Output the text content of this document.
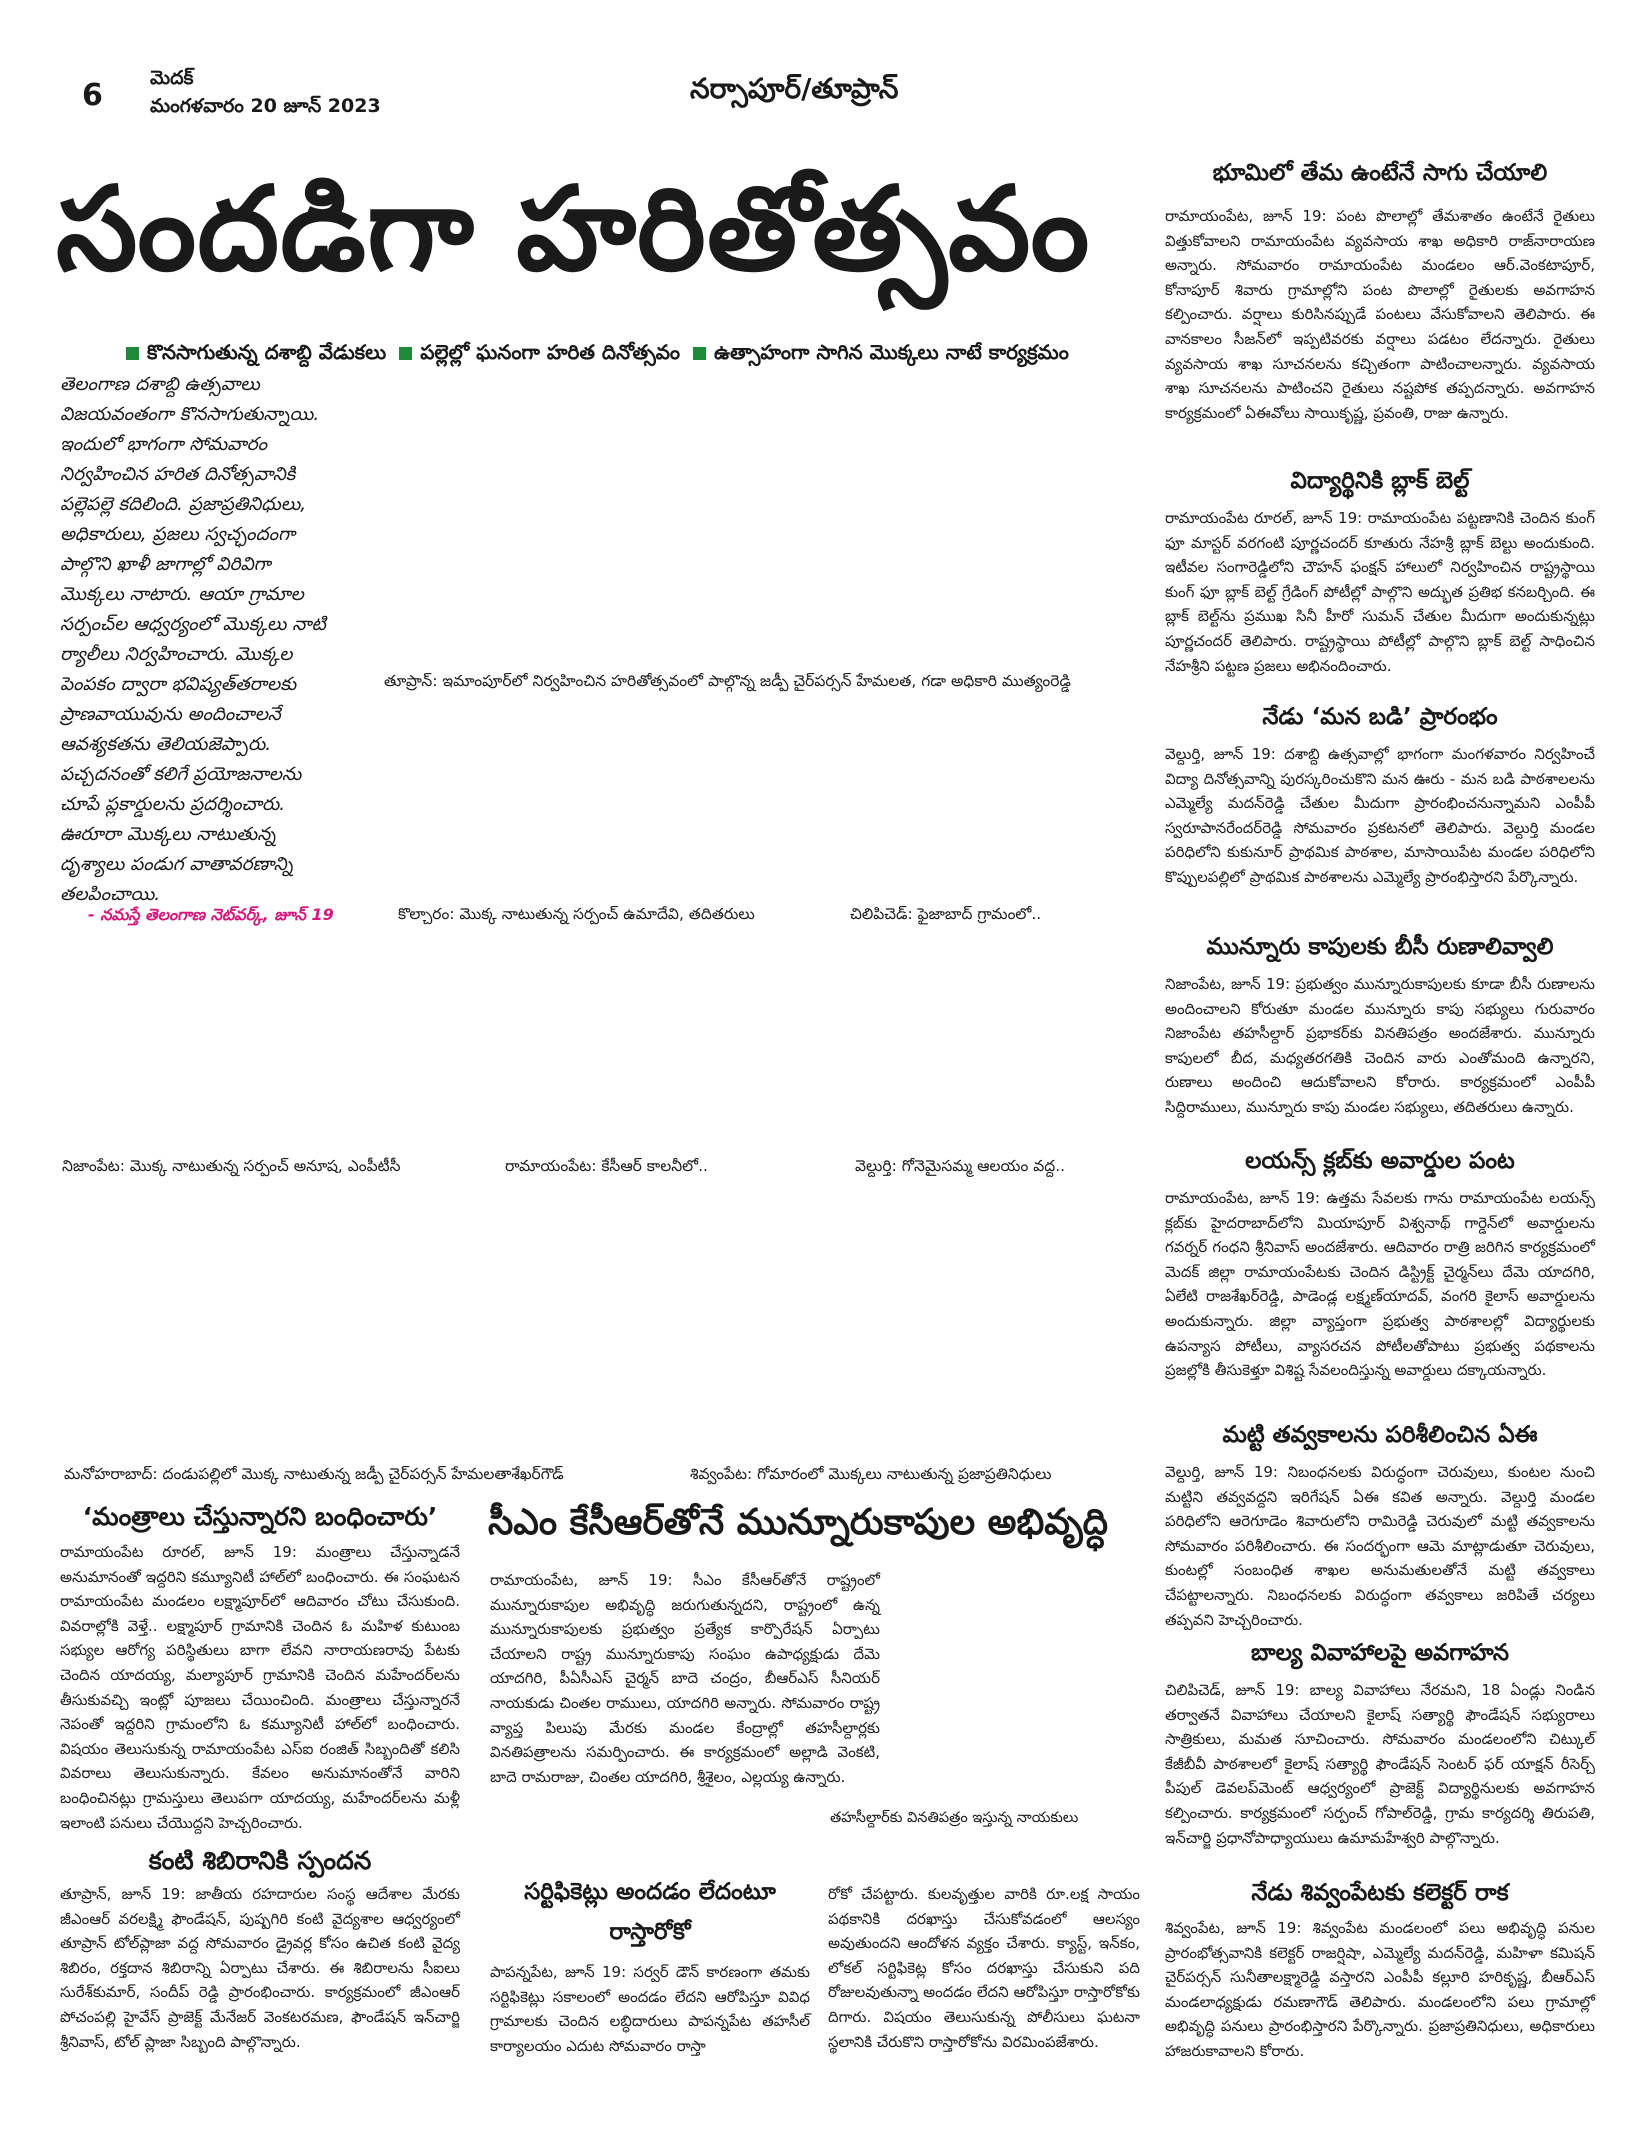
6 మెదక్
మంగళవారం 20 జూన్ 2023
నర్సాపూర్/తూప్రాన్
సందడిగా హరితోత్సవం
కొనసాగుతున్న దశాబ్ది వేడుకలు పల్లెల్లో ఘనంగా హరిత దినోత్సవం ఉత్సాహంగా సాగిన మొక్కలు నాటే కార్యక్రమం
తెలంగాణ దశాబ్ది ఉత్సవాలు
విజయవంతంగా కొనసాగుతున్నాయి.
ఇందులో భాగంగా సోమవారం
నిర్వహించిన హరిత దినోత్సవానికి
పల్లెపల్లె కదిలింది. ప్రజాప్రతినిధులు,
అధికారులు, ప్రజలు స్వచ్ఛందంగా
పాల్గొని ఖాళీ జాగాల్లో విరివిగా
మొక్కలు నాటారు. ఆయా గ్రామాల
సర్పంచ్‌ల ఆధ్వర్యంలో మొక్కలు నాటి
ర్యాలీలు నిర్వహించారు. మొక్కల
పెంపకం ద్వారా భవిష్యత్‌తరాలకు
ప్రాణవాయువును అందించాలనే
ఆవశ్యకతను తెలియజెప్పారు.
పచ్చదనంతో కలిగే ప్రయోజనాలను
చూపే ప్లకార్డులను ప్రదర్శించారు.
ఊరూరా మొక్కలు నాటుతున్న
దృశ్యాలు పండుగ వాతావరణాన్ని
తలపించాయి.
- నమస్తే తెలంగాణ నెట్‌వర్క్, జూన్ 19
తూప్రాన్: ఇమాంపూర్‌లో నిర్వహించిన హరితోత్సవంలో పాల్గొన్న జడ్పీ చైర్‌పర్సన్ హేమలత, గడా అధికారి ముత్యంరెడ్డి
కొల్చారం: మొక్క నాటుతున్న సర్పంచ్ ఉమాదేవి, తదితరులు	చిలిపిచెడ్: ఫైజాబాద్ గ్రామంలో..
నిజాంపేట: మొక్క నాటుతున్న సర్పంచ్ అనూష, ఎంపీటీసీ	రామాయంపేట: కేసీఆర్ కాలనీలో..	వెల్దుర్తి: గోనెమైసమ్మ ఆలయం వద్ద..
మనోహరాబాద్: దండుపల్లిలో మొక్క నాటుతున్న జడ్పీ చైర్‌పర్సన్ హేమలతాశేఖర్‌గౌడ్	శివ్వంపేట: గోమారంలో మొక్కలు నాటుతున్న ప్రజాప్రతినిధులు
‘మంత్రాలు చేస్తున్నారని బంధించారు’
రామాయంపేట రూరల్, జూన్ 19: మంత్రాలు చేస్తున్నాడనే అనుమానంతో ఇద్దరిని కమ్యూనిటీ హాల్‌లో బంధించారు. ఈ సంఘటన రామాయంపేట మండలం లక్ష్మాపూర్‌లో ఆదివారం చోటు చేసుకుంది. వివరాల్లోకి వెళ్తే.. లక్ష్మాపూర్ గ్రామానికి చెందిన ఓ మహిళ కుటుంబ సభ్యుల ఆరోగ్య పరిస్థితులు బాగా లేవని నారాయణరావు పేటకు చెందిన యాదయ్య, మల్యాపూర్ గ్రామానికి చెందిన మహేందర్‌లను తీసుకువచ్చి ఇంట్లో పూజలు చేయించింది. మంత్రాలు చేస్తున్నారనే నెపంతో ఇద్దరిని గ్రామంలోని ఓ కమ్యూనిటీ హాల్‌లో బంధించారు. విషయం తెలుసుకున్న రామాయంపేట ఎస్ఐ రంజిత్ సిబ్బందితో కలిసి వివరాలు తెలుసుకున్నారు. కేవలం అనుమానంతోనే వారిని బంధించినట్లు గ్రామస్తులు తెలుపగా యాదయ్య, మహేందర్‌లను మళ్లీ ఇలాంటి పనులు చేయొద్దని హెచ్చరించారు.
కంటి శిబిరానికి స్పందన
తూప్రాన్, జూన్ 19: జాతీయ రహదారుల సంస్థ ఆదేశాల మేరకు జీఎంఆర్ వరలక్ష్మి ఫౌండేషన్, పుష్పగిరి కంటి వైద్యశాల ఆధ్వర్యంలో తూప్రాన్ టోల్‌ప్లాజా వద్ద సోమవారం డ్రైవర్ల కోసం ఉచిత కంటి వైద్య శిబిరం, రక్తదాన శిబిరాన్ని ఏర్పాటు చేశారు. ఈ శిబిరాలను సీఐలు సురేశ్‌కుమార్, సందీప్ రెడ్డి ప్రారంభించారు. కార్యక్రమంలో జీఎంఆర్ పోచంపల్లి హైవేస్ ప్రాజెక్ట్ మేనేజర్ వెంకటరమణ, ఫౌండేషన్ ఇన్‌చార్జి శ్రీనివాస్, టోల్ ప్లాజా సిబ్బంది పాల్గొన్నారు.
సీఎం కేసీఆర్‌తోనే మున్నూరుకాపుల అభివృద్ధి
రామాయంపేట, జూన్ 19: సీఎం కేసీఆర్‌తోనే రాష్ట్రంలో మున్నూరుకాపుల అభివృద్ధి జరుగుతున్నదని, రాష్ట్రంలో ఉన్న మున్నూరుకాపులకు ప్రభుత్వం ప్రత్యేక కార్పొరేషన్ ఏర్పాటు చేయాలని రాష్ట్ర మున్నూరుకాపు సంఘం ఉపాధ్యక్షుడు దేమె యాదగిరి, పీఏసీఎస్ చైర్మన్ బాదె చంద్రం, బీఆర్ఎస్ సీనియర్ నాయకుడు చింతల రాములు, యాదగిరి అన్నారు. సోమవారం రాష్ట్ర వ్యాప్త పిలుపు మేరకు మండల కేంద్రాల్లో తహసీల్దార్లకు వినతిపత్రాలను సమర్పించారు. ఈ కార్యక్రమంలో అల్లాడి వెంకటి, బాదె రామరాజు, చింతల యాదగిరి, శ్రీశైలం, ఎల్లయ్య ఉన్నారు.
తహసీల్దార్‌కు వినతిపత్రం ఇస్తున్న నాయకులు
సర్టిఫికెట్లు అందడం లేదంటూ రాస్తారోకో
పాపన్నపేట, జూన్ 19: సర్వర్ డౌన్ కారణంగా తమకు సర్టిఫికెట్లు సకాలంలో అందడం లేదని ఆరోపిస్తూ వివిధ గ్రామాలకు చెందిన లబ్ధిదారులు పాపన్నపేట తహసీల్ కార్యాలయం ఎదుట సోమవారం రాస్తా
రోకో చేపట్టారు. కులవృత్తుల వారికి రూ.లక్ష సాయం పథకానికి దరఖాస్తు చేసుకోవడంలో ఆలస్యం అవుతుందని ఆందోళన వ్యక్తం చేశారు. క్యాస్ట్, ఇన్‌కం, లోకల్ సర్టిఫికెట్ల కోసం దరఖాస్తు చేసుకుని పది రోజులవుతున్నా అందడం లేదని ఆరోపిస్తూ రాస్తారోకోకు దిగారు. విషయం తెలుసుకున్న పోలీసులు ఘటనా స్థలానికి చేరుకొని రాస్తారోకోను విరమింపజేశారు.
భూమిలో తేమ ఉంటేనే సాగు చేయాలి
రామాయంపేట, జూన్ 19: పంట పొలాల్లో తేమశాతం ఉంటేనే రైతులు విత్తుకోవాలని రామాయంపేట వ్యవసాయ శాఖ అధికారి రాజ్‌నారాయణ అన్నారు. సోమవారం రామాయంపేట మండలం ఆర్.వెంకటాపూర్, కోనాపూర్ శివారు గ్రామాల్లోని పంట పొలాల్లో రైతులకు అవగాహన కల్పించారు. వర్షాలు కురిసినప్పుడే పంటలు వేసుకోవాలని తెలిపారు. ఈ వానకాలం సీజన్‌లో ఇప్పటివరకు వర్షాలు పడటం లేదన్నారు. రైతులు వ్యవసాయ శాఖ సూచనలను కచ్చితంగా పాటించాలన్నారు. వ్యవసాయ శాఖ సూచనలను పాటించని రైతులు నష్టపోక తప్పదన్నారు. అవగాహన కార్యక్రమంలో ఏఈవోలు సాయికృష్ణ, ప్రవంతి, రాజు ఉన్నారు.
విద్యార్థినికి బ్లాక్ బెల్ట్
రామాయంపేట రూరల్, జూన్ 19: రామాయంపేట పట్టణానికి చెందిన కుంగ్ ఫూ మాస్టర్ వరగంటి పూర్ణచందర్ కూతురు నేహశ్రీ బ్లాక్ బెల్టు అందుకుంది. ఇటీవల సంగారెడ్డిలోని చౌహన్ ఫంక్షన్ హాలులో నిర్వహించిన రాష్ట్రస్థాయి కుంగ్ ఫూ బ్లాక్ బెల్ట్ గ్రేడింగ్ పోటీల్లో పాల్గొని అద్భుత ప్రతిభ కనబర్చింది. ఈ బ్లాక్ బెల్ట్‌ను ప్రముఖ సినీ హీరో సుమన్ చేతుల మీదుగా అందుకున్నట్లు పూర్ణచందర్ తెలిపారు. రాష్ట్రస్థాయి పోటీల్లో పాల్గొని బ్లాక్ బెల్ట్ సాధించిన నేహశ్రీని పట్టణ ప్రజలు అభినందించారు.
నేడు ‘మన బడి’ ప్రారంభం
వెల్దుర్తి, జూన్ 19: దశాబ్ది ఉత్సవాల్లో భాగంగా మంగళవారం నిర్వహించే విద్యా దినోత్సవాన్ని పురస్కరించుకొని మన ఊరు - మన బడి పాఠశాలలను ఎమ్మెల్యే మదన్‌రెడ్డి చేతుల మీదుగా ప్రారంభించనున్నామని ఎంపీపీ స్వరూపానరేందర్‌రెడ్డి సోమవారం ప్రకటనలో తెలిపారు. వెల్దుర్తి మండల పరిధిలోని కుకునూర్ ప్రాథమిక పాఠశాల, మాసాయిపేట మండల పరిధిలోని కొప్పులపల్లిలో ప్రాథమిక పాఠశాలను ఎమ్మెల్యే ప్రారంభిస్తారని పేర్కొన్నారు.
మున్నూరు కాపులకు బీసీ రుణాలివ్వాలి
నిజాంపేట, జూన్ 19: ప్రభుత్వం మున్నూరుకాపులకు కూడా బీసీ రుణాలను అందించాలని కోరుతూ మండల మున్నూరు కాపు సభ్యులు గురువారం నిజాంపేట తహసీల్దార్ ప్రభాకర్‌కు వినతిపత్రం అందజేశారు. మున్నూరు కాపులలో బీద, మధ్యతరగతికి చెందిన వారు ఎంతోమంది ఉన్నారని, రుణాలు అందించి ఆదుకోవాలని కోరారు. కార్యక్రమంలో ఎంపీపీ సిద్దిరాములు, మున్నూరు కాపు మండల సభ్యులు, తదితరులు ఉన్నారు.
లయన్స్ క్లబ్‌కు అవార్డుల పంట
రామాయంపేట, జూన్ 19: ఉత్తమ సేవలకు గాను రామాయంపేట లయన్స్ క్లబ్‌కు హైదరాబాద్‌లోని మియాపూర్ విశ్వనాథ్ గార్డెన్‌లో అవార్డులను గవర్నర్ గంధని శ్రీనివాస్ అందజేశారు. ఆదివారం రాత్రి జరిగిన కార్యక్రమంలో మెదక్ జిల్లా రామాయంపేటకు చెందిన డిస్ట్రిక్ట్ చైర్మన్‌లు దేమె యాదగిరి, ఏలేటి రాజశేఖర్‌రెడ్డి, పాడెండ్ల లక్ష్మణ్‌యాదవ్, వంగరి కైలాస్ అవార్డులను అందుకున్నారు. జిల్లా వ్యాప్తంగా ప్రభుత్వ పాఠశాలల్లో విద్యార్థులకు ఉపన్యాస పోటీలు, వ్యాసరచన పోటీలతోపాటు ప్రభుత్వ పథకాలను ప్రజల్లోకి తీసుకెళ్తూ విశిష్ట సేవలందిస్తున్న అవార్డులు దక్కాయన్నారు.
మట్టి తవ్వకాలను పరిశీలించిన ఏఈ
వెల్దుర్తి, జూన్ 19: నిబంధనలకు విరుద్ధంగా చెరువులు, కుంటల నుంచి మట్టిని తవ్వవద్దని ఇరిగేషన్ ఏఈ కవిత అన్నారు. వెల్దుర్తి మండల పరిధిలోని ఆరెగూడెం శివారులోని రామిరెడ్డి చెరువులో మట్టి తవ్వకాలను సోమవారం పరిశీలించారు. ఈ సందర్భంగా ఆమె మాట్లాడుతూ చెరువులు, కుంటల్లో సంబంధిత శాఖల అనుమతులతోనే మట్టి తవ్వకాలు చేపట్టాలన్నారు. నిబంధనలకు విరుద్ధంగా తవ్వకాలు జరిపితే చర్యలు తప్పవని హెచ్చరించారు.
బాల్య వివాహాలపై అవగాహన
చిలిపిచెడ్, జూన్ 19: బాల్య వివాహాలు నేరమని, 18 ఏండ్లు నిండిన తర్వాతనే వివాహాలు చేయాలని కైలాష్ సత్యార్థి ఫౌండేషన్ సభ్యురాలు సాత్రికులు, మమత సూచించారు. సోమవారం మండలంలోని చిట్కుల్ కేజీబీవీ పాఠశాలలో కైలాష్ సత్యార్థి ఫౌండేషన్ సెంటర్ ఫర్ యాక్షన్ రీసెర్చ్ పీపుల్ డెవలప్‌మెంట్ ఆధ్వర్యంలో ప్రాజెక్ట్ విద్యార్థినులకు అవగాహన కల్పించారు. కార్యక్రమంలో సర్పంచ్ గోపాల్‌రెడ్డి, గ్రామ కార్యదర్శి తిరుపతి, ఇన్‌చార్జి ప్రధానోపాధ్యాయులు ఉమామహేశ్వరి పాల్గొన్నారు.
నేడు శివ్వంపేటకు కలెక్టర్ రాక
శివ్వంపేట, జూన్ 19: శివ్వంపేట మండలంలో పలు అభివృద్ధి పనుల ప్రారంభోత్సవానికి కలెక్టర్ రాజర్షిషా, ఎమ్మెల్యే మదన్‌రెడ్డి, మహిళా కమిషన్ చైర్‌పర్సన్ సునీతాలక్ష్మారెడ్డి వస్తారని ఎంపీపీ కల్లూరి హరికృష్ణ, బీఆర్ఎస్ మండలాధ్యక్షుడు రమణాగౌడ్ తెలిపారు. మండలంలోని పలు గ్రామాల్లో అభివృద్ధి పనులు ప్రారంభిస్తారని పేర్కొన్నారు. ప్రజాప్రతినిధులు, అధికారులు హాజరుకావాలని కోరారు.
